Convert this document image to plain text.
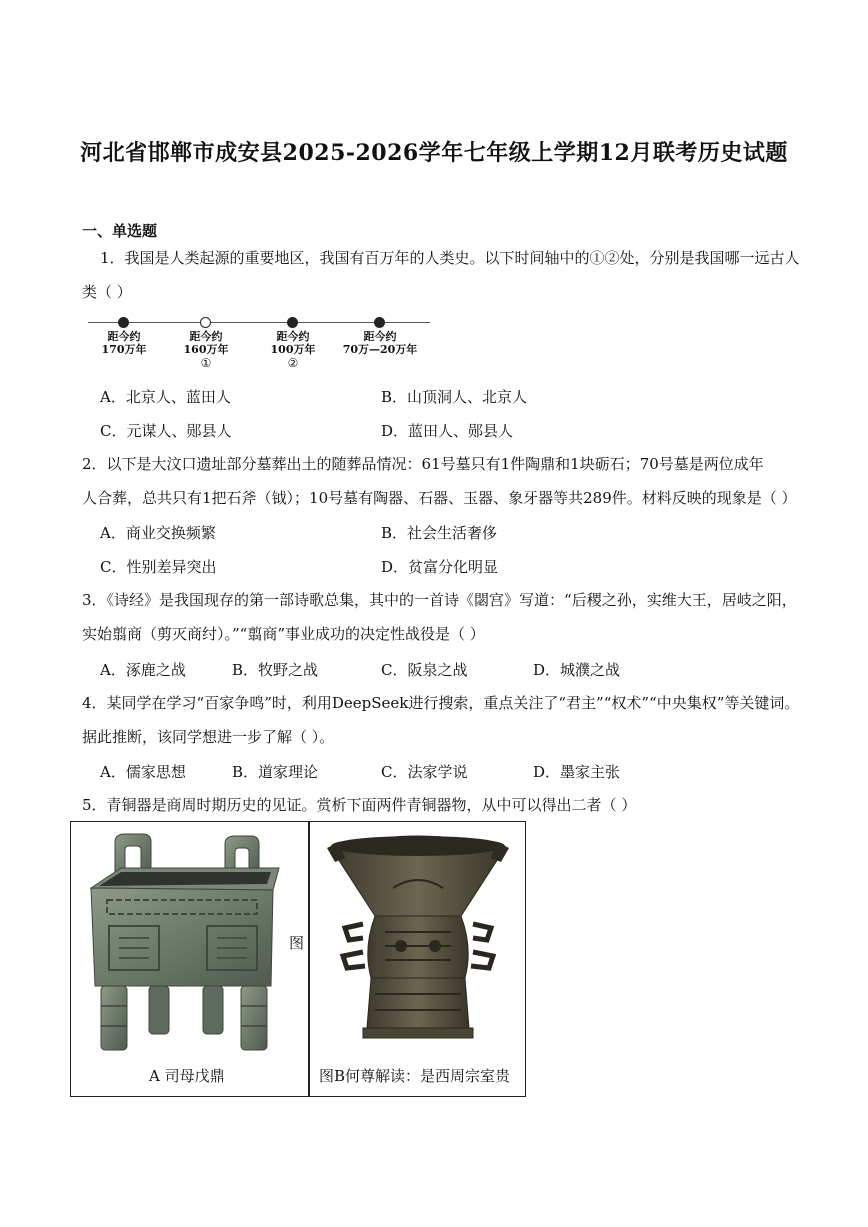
河北省邯郸市成安县2025-2026学年七年级上学期12月联考历史试题
一、单选题
1．我国是人类起源的重要地区，我国有百万年的人类史。以下时间轴中的①②处，分别是我国哪一远古人
类（ ）
距今约
170万年
距今约
160万年
距今约
100万年
距今约
70万—20万年
①	②
A．北京人、蓝田人	B．山顶洞人、北京人
C．元谋人、郧县人	D．蓝田人、郧县人
2．以下是大汶口遗址部分墓葬出土的随葬品情况：61号墓只有1件陶鼎和1块砺石；70号墓是两位成年
人合葬，总共只有1把石斧（钺）；10号墓有陶器、石器、玉器、象牙器等共289件。材料反映的现象是（ ）
A．商业交换频繁	B．社会生活奢侈
C．性别差异突出	D．贫富分化明显
3．《诗经》是我国现存的第一部诗歌总集，其中的一首诗《閟宫》写道：“后稷之孙，实维大王，居岐之阳，
实始翦商（剪灭商纣）。”“翦商”事业成功的决定性战役是（ ）
A．涿鹿之战	B．牧野之战	C．阪泉之战	D．城濮之战
4．某同学在学习“百家争鸣”时，利用DeepSeek进行搜索，重点关注了“君主”“权术”“中央集权”等关键词。
据此推断，该同学想进一步了解（ ）。
A．儒家思想	B．道家理论	C．法家学说	D．墨家主张
5．青铜器是商周时期历史的见证。赏析下面两件青铜器物，从中可以得出二者（ ）
图
A 司母戊鼎	图B何尊解读：是西周宗室贵
